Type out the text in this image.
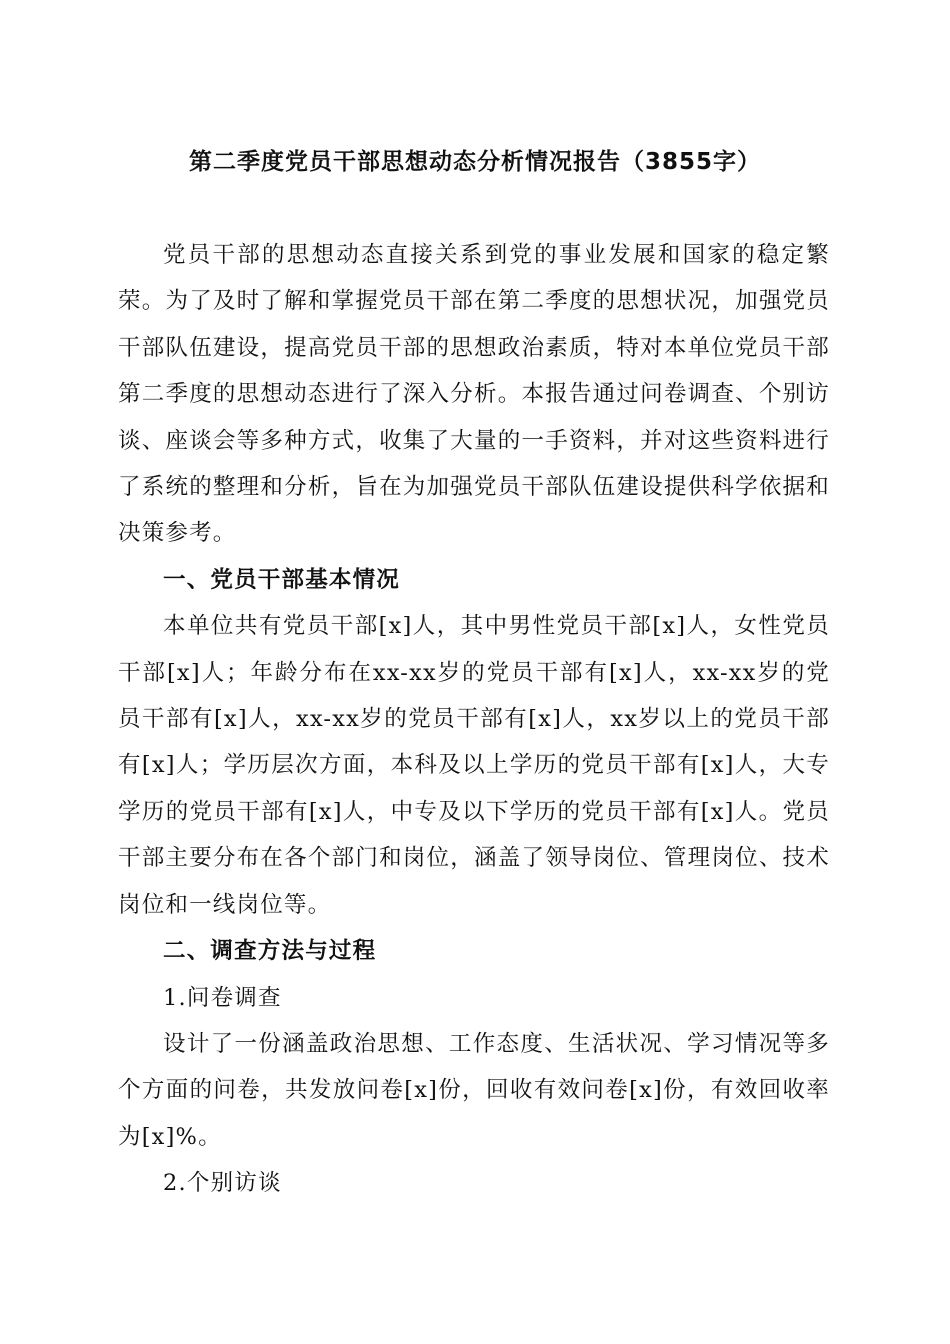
第二季度党员干部思想动态分析情况报告（3855字）

党员干部的思想动态直接关系到党的事业发展和国家的稳定繁荣。为了及时了解和掌握党员干部在第二季度的思想状况，加强党员干部队伍建设，提高党员干部的思想政治素质，特对本单位党员干部第二季度的思想动态进行了深入分析。本报告通过问卷调查、个别访谈、座谈会等多种方式，收集了大量的一手资料，并对这些资料进行了系统的整理和分析，旨在为加强党员干部队伍建设提供科学依据和决策参考。

一、党员干部基本情况

本单位共有党员干部[x]人，其中男性党员干部[x]人，女性党员干部[x]人；年龄分布在xx-xx岁的党员干部有[x]人，xx-xx岁的党员干部有[x]人，xx-xx岁的党员干部有[x]人，xx岁以上的党员干部有[x]人；学历层次方面，本科及以上学历的党员干部有[x]人，大专学历的党员干部有[x]人，中专及以下学历的党员干部有[x]人。党员干部主要分布在各个部门和岗位，涵盖了领导岗位、管理岗位、技术岗位和一线岗位等。

二、调查方法与过程

1.问卷调查

设计了一份涵盖政治思想、工作态度、生活状况、学习情况等多个方面的问卷，共发放问卷[x]份，回收有效问卷[x]份，有效回收率为[x]%。

2.个别访谈
